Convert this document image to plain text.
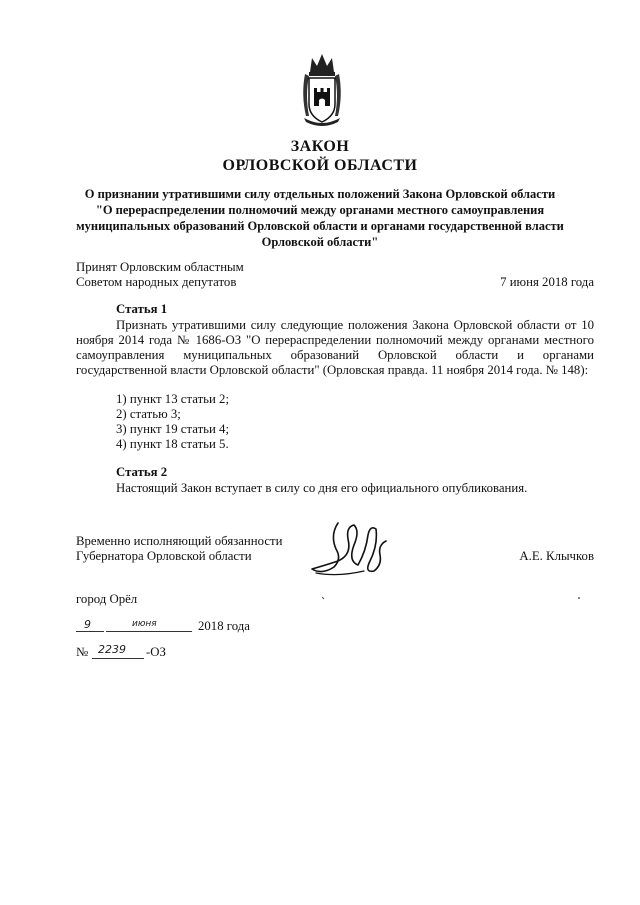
ЗАКОН
ОРЛОВСКОЙ ОБЛАСТИ
О признании утратившими силу отдельных положений Закона Орловской области
"О перераспределении полномочий между органами местного самоуправления
муниципальных образований Орловской области и органами государственной власти
Орловской области"
Принят Орловским областным
Советом народных депутатов	7 июня 2018 года
Статья 1
Признать утратившими силу следующие положения Закона Орловской области от 10 ноября 2014 года № 1686-ОЗ "О перераспределении полномочий между органами местного самоуправления муниципальных образований Орловской области и органами государственной власти Орловской области" (Орловская правда. 11 ноября 2014 года. № 148):
1) пункт 13 статьи 2;
2) статью 3;
3) пункт 19 статьи 4;
4) пункт 18 статьи 5.
Статья 2
Настоящий Закон вступает в силу со дня его официального опубликования.
Временно исполняющий обязанности
Губернатора Орловской области	А.Е. Клычков
город Орёл
9	июня	2018 года
№ 2239 -ОЗ
